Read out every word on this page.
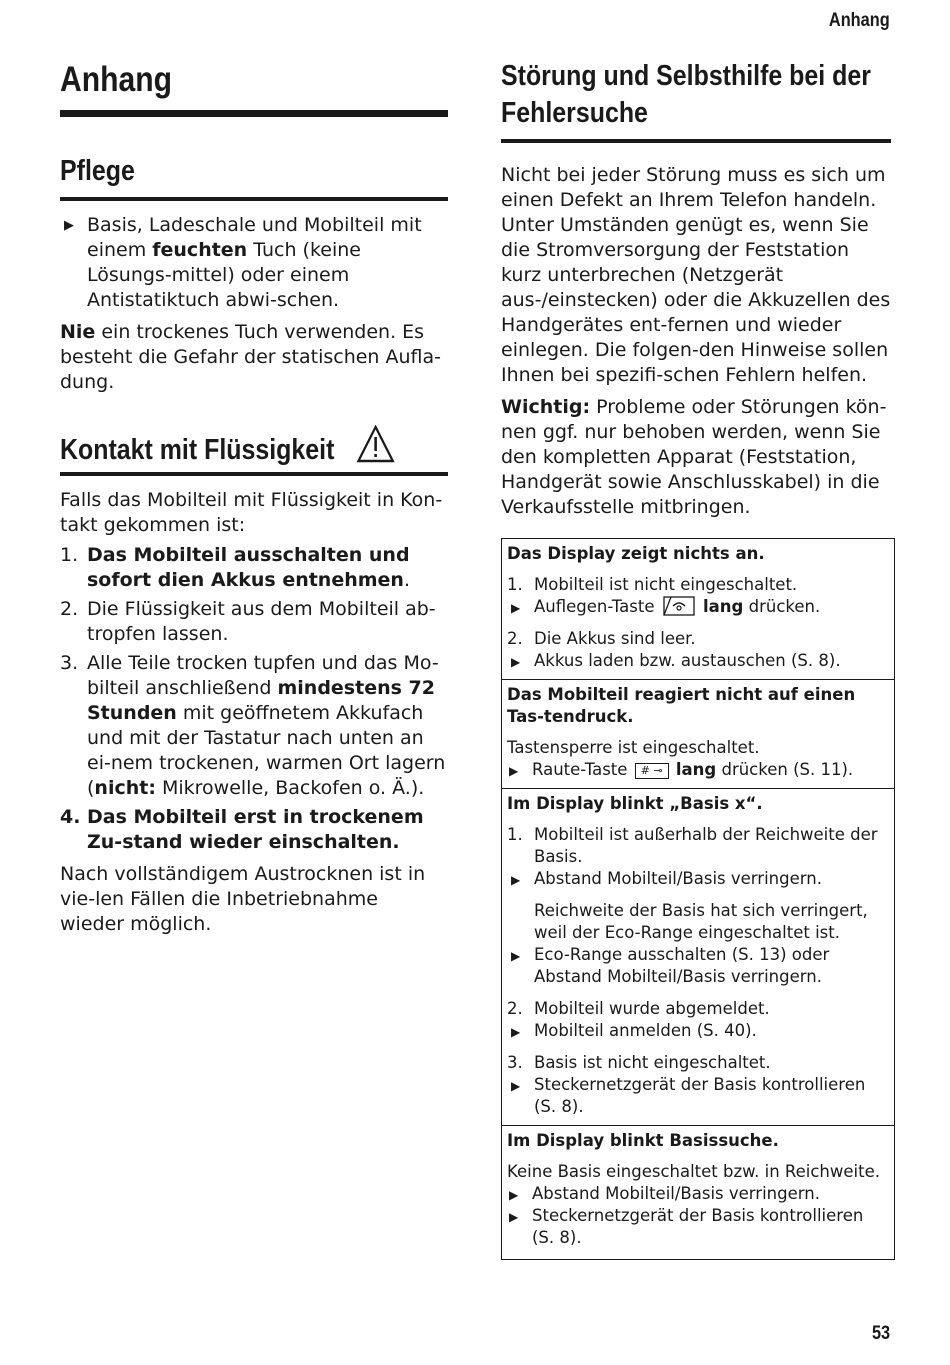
Anhang
Anhang
Pflege
▶ Basis, Ladeschale und Mobilteil mit einem feuchten Tuch (keine Lösungs-mittel) oder einem Antistatiktuch abwi-schen.

Nie ein trockenes Tuch verwenden. Es besteht die Gefahr der statischen Aufla-dung.

Kontakt mit Flüssigkeit

Falls das Mobilteil mit Flüssigkeit in Kon-takt gekommen ist:

1. Das Mobilteil ausschalten und sofort dien Akkus entnehmen.
2. Die Flüssigkeit aus dem Mobilteil ab-tropfen lassen.
3. Alle Teile trocken tupfen und das Mo-bilteil anschließend mindestens 72 Stunden mit geöffnetem Akkufach und mit der Tastatur nach unten an ei-nem trockenen, warmen Ort lagern (nicht: Mikrowelle, Backofen o. Ä.).
4. Das Mobilteil erst in trockenem Zu-stand wieder einschalten.

Nach vollständigem Austrocknen ist in vie-len Fällen die Inbetriebnahme wieder möglich.

Störung und Selbsthilfe bei der Fehlersuche

Nicht bei jeder Störung muss es sich um einen Defekt an Ihrem Telefon handeln. Unter Umständen genügt es, wenn Sie die Stromversorgung der Feststation kurz unterbrechen (Netzgerät aus-/einstecken) oder die Akkuzellen des Handgerätes ent-fernen und wieder einlegen. Die folgen-den Hinweise sollen Ihnen bei spezifi-schen Fehlern helfen.

Wichtig: Probleme oder Störungen kön-nen ggf. nur behoben werden, wenn Sie den kompletten Apparat (Feststation, Handgerät sowie Anschlusskabel) in die Verkaufsstelle mitbringen.

Das Display zeigt nichts an.
1. Mobilteil ist nicht eingeschaltet.
▶ Auflegen-Taste	lang drücken.
2. Die Akkus sind leer.
▶ Akkus laden bzw. austauschen (S. 8).

Das Mobilteil reagiert nicht auf einen Tas-tendruck.
Tastensperre ist eingeschaltet.
▶ Raute-Taste # ⊸ lang drücken (S. 11).

Im Display blinkt „Basis x“.
1. Mobilteil ist außerhalb der Reichweite der Basis.
▶ Abstand Mobilteil/Basis verringern.
Reichweite der Basis hat sich verringert, weil der Eco-Range eingeschaltet ist.
▶ Eco-Range ausschalten (S. 13) oder Abstand Mobilteil/Basis verringern.
2. Mobilteil wurde abgemeldet.
▶ Mobilteil anmelden (S. 40).
3. Basis ist nicht eingeschaltet.
▶ Steckernetzgerät der Basis kontrollieren (S. 8).

Im Display blinkt Basissuche.
Keine Basis eingeschaltet bzw. in Reichweite.
▶ Abstand Mobilteil/Basis verringern.
▶ Steckernetzgerät der Basis kontrollieren (S. 8).
53
